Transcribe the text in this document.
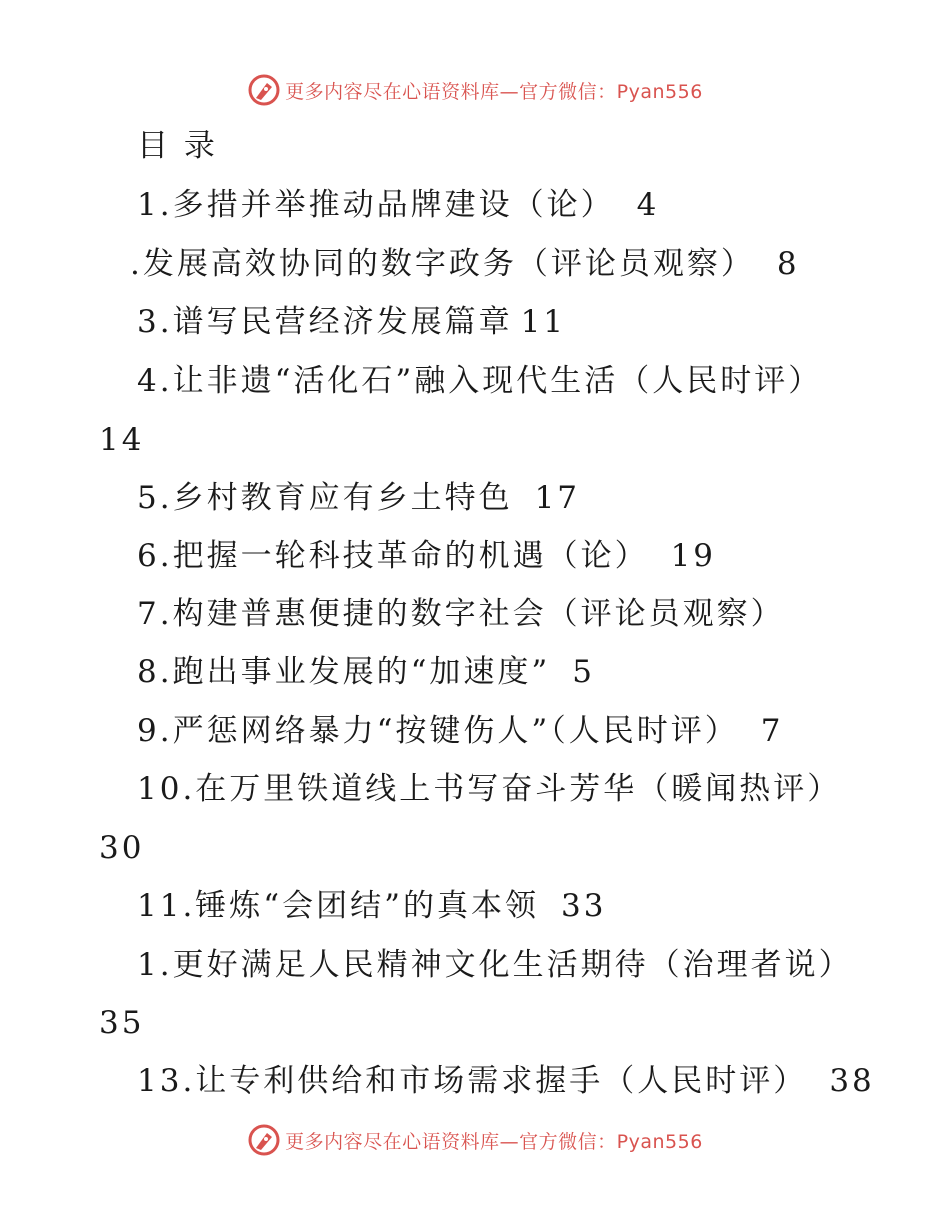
更多内容尽在心语资料库—官方微信：Pyan556
目 录
1.多措并举推动品牌建设（论） 4
.发展高效协同的数字政务（评论员观察） 8
3.谱写民营经济发展篇章 11
4.让非遗“活化石”融入现代生活（人民时评）
14
5.乡村教育应有乡土特色 17
6.把握一轮科技革命的机遇（论） 19
7.构建普惠便捷的数字社会（评论员观察）
8.跑出事业发展的“加速度” 5
9.严惩网络暴力“按键伤人”（人民时评） 7
10.在万里铁道线上书写奋斗芳华（暖闻热评）
30
11.锤炼“会团结”的真本领 33
1.更好满足人民精神文化生活期待（治理者说）
35
13.让专利供给和市场需求握手（人民时评） 38
更多内容尽在心语资料库—官方微信：Pyan556
